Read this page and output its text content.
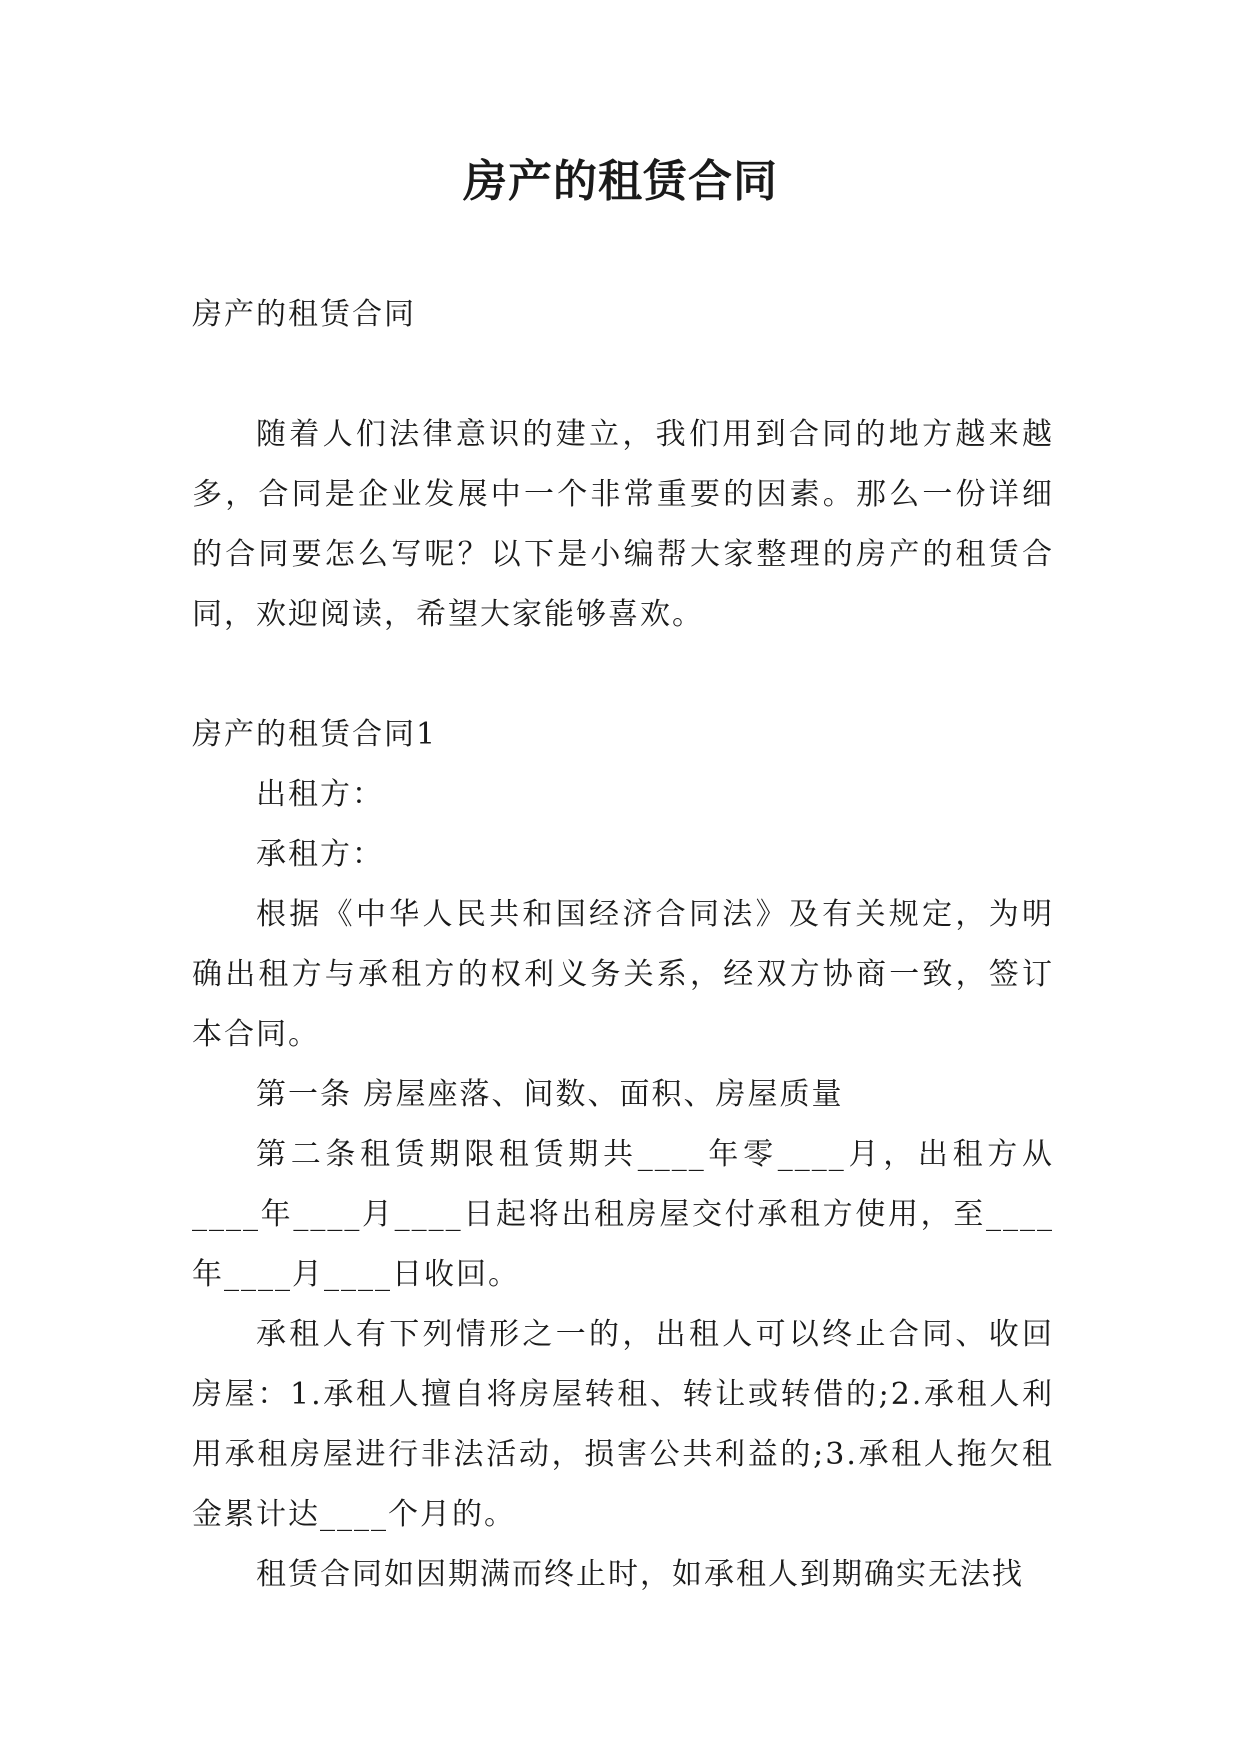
房产的租赁合同

房产的租赁合同

随着人们法律意识的建立，我们用到合同的地方越来越多，合同是企业发展中一个非常重要的因素。那么一份详细的合同要怎么写呢？以下是小编帮大家整理的房产的租赁合同，欢迎阅读，希望大家能够喜欢。

房产的租赁合同1

出租方：

承租方：

根据《中华人民共和国经济合同法》及有关规定，为明确出租方与承租方的权利义务关系，经双方协商一致，签订本合同。

第一条 房屋座落、间数、面积、房屋质量

第二条租赁期限租赁期共____年零____月，出租方从____年____月____日起将出租房屋交付承租方使用，至____年____月____日收回。

承租人有下列情形之一的，出租人可以终止合同、收回房屋：1.承租人擅自将房屋转租、转让或转借的;2.承租人利用承租房屋进行非法活动，损害公共利益的;3.承租人拖欠租金累计达____个月的。

租赁合同如因期满而终止时，如承租人到期确实无法找
